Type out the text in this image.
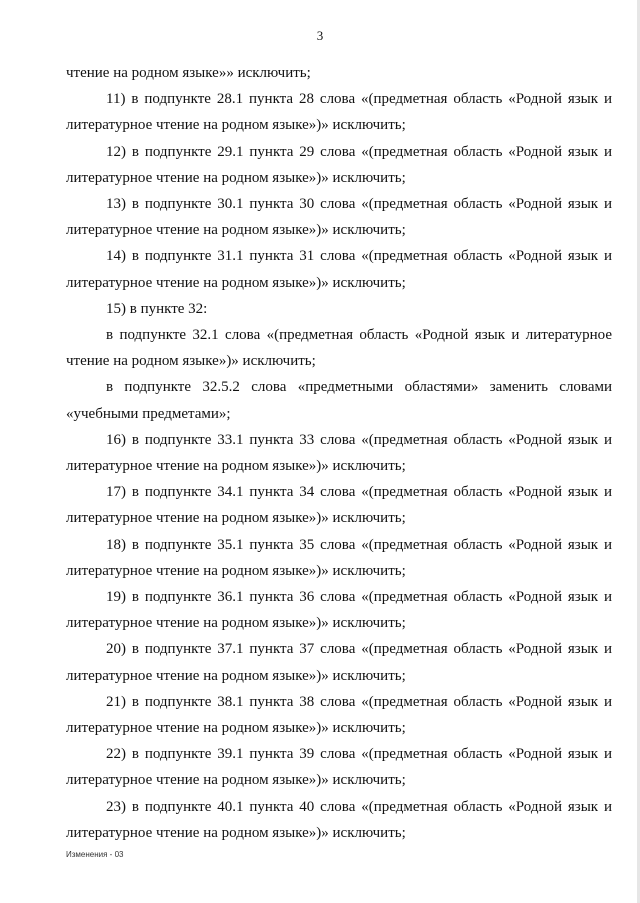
3

чтение на родном языке»» исключить;

11) в подпункте 28.1 пункта 28 слова «(предметная область «Родной язык и литературное чтение на родном языке»)» исключить;

12) в подпункте 29.1 пункта 29 слова «(предметная область «Родной язык и литературное чтение на родном языке»)» исключить;

13) в подпункте 30.1 пункта 30 слова «(предметная область «Родной язык и литературное чтение на родном языке»)» исключить;

14) в подпункте 31.1 пункта 31 слова «(предметная область «Родной язык и литературное чтение на родном языке»)» исключить;

15) в пункте 32:

в подпункте 32.1 слова «(предметная область «Родной язык и литературное чтение на родном языке»)» исключить;

в подпункте 32.5.2 слова «предметными областями» заменить словами «учебными предметами»;

16) в подпункте 33.1 пункта 33 слова «(предметная область «Родной язык и литературное чтение на родном языке»)» исключить;

17) в подпункте 34.1 пункта 34 слова «(предметная область «Родной язык и литературное чтение на родном языке»)» исключить;

18) в подпункте 35.1 пункта 35 слова «(предметная область «Родной язык и литературное чтение на родном языке»)» исключить;

19) в подпункте 36.1 пункта 36 слова «(предметная область «Родной язык и литературное чтение на родном языке»)» исключить;

20) в подпункте 37.1 пункта 37 слова «(предметная область «Родной язык и литературное чтение на родном языке»)» исключить;

21) в подпункте 38.1 пункта 38 слова «(предметная область «Родной язык и литературное чтение на родном языке»)» исключить;

22) в подпункте 39.1 пункта 39 слова «(предметная область «Родной язык и литературное чтение на родном языке»)» исключить;

23) в подпункте 40.1 пункта 40 слова «(предметная область «Родной язык и литературное чтение на родном языке»)» исключить;

Изменения - 03
